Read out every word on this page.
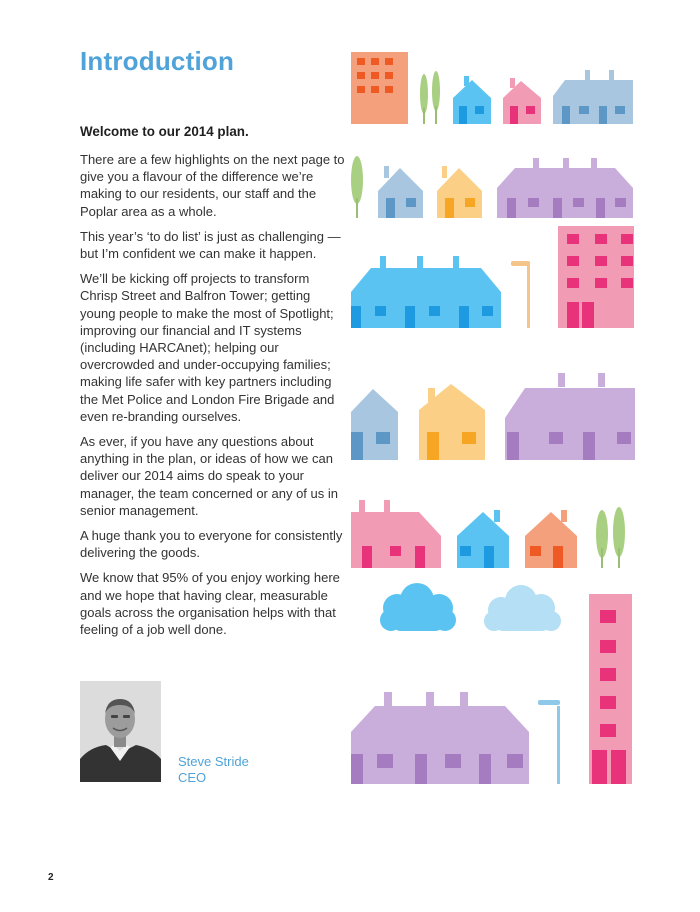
Introduction

Welcome to our 2014 plan.

There are a few highlights on the next page to give you a flavour of the difference we’re making to our residents, our staff and the Poplar area as a whole.

This year’s ‘to do list’ is just as challenging — but I’m confident we can make it happen.

We’ll be kicking off projects to transform Chrisp Street and Balfron Tower; getting young people to make the most of Spotlight; improving our financial and IT systems (including HARCAnet); helping our overcrowded and under-occupying families; making life safer with key partners including the Met Police and London Fire Brigade and even re-branding ourselves.

As ever, if you have any questions about anything in the plan, or ideas of how we can deliver our 2014 aims do speak to your manager, the team concerned or any of us in senior management.

A huge thank you to everyone for consistently delivering the goods.

We know that 95% of you enjoy working here and we hope that having clear, measurable goals across the organisation helps with that feeling of a job well done.

Steve Stride
CEO
2
